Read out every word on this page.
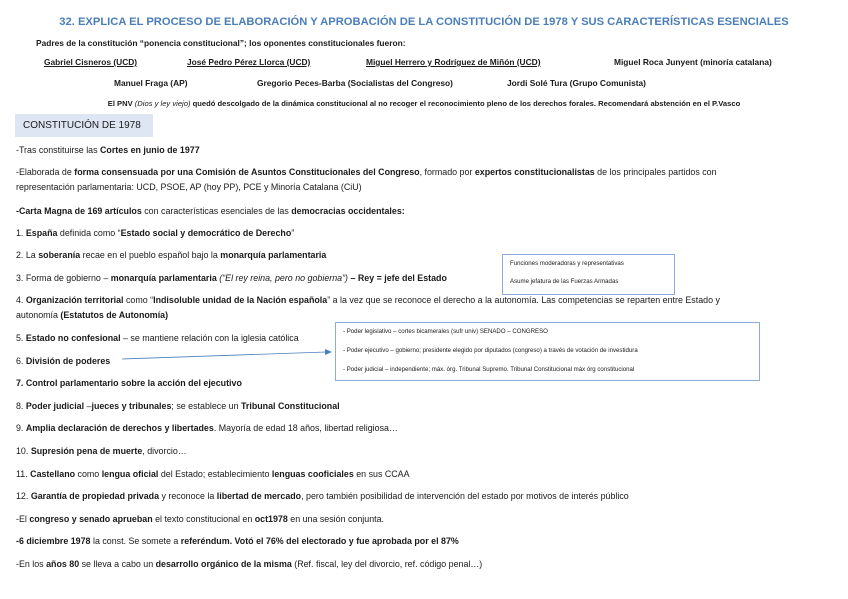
32. EXPLICA EL PROCESO DE ELABORACIÓN Y APROBACIÓN DE LA CONSTITUCIÓN DE 1978 Y SUS CARACTERÍSTICAS ESENCIALES
Padres de la constitución “ponencia constitucional”; los oponentes constitucionales fueron:
Gabriel Cisneros (UCD)	José Pedro Pérez Llorca (UCD)	Miguel Herrero y Rodríguez de Miñón (UCD)	Miguel Roca Junyent (minoría catalana)
Manuel Fraga (AP)	Gregorio Peces-Barba (Socialistas del Congreso)	Jordi Solé Tura (Grupo Comunista)
El PNV (Dios y ley viejo) quedó descolgado de la dinámica constitucional al no recoger el reconocimiento pleno de los derechos forales. Recomendará abstención en el P.Vasco
CONSTITUCIÓN DE 1978
-Tras constituirse las Cortes en junio de 1977
-Elaborada de forma consensuada por una Comisión de Asuntos Constitucionales del Congreso, formado por expertos constitucionalistas de los principales partidos con
representación parlamentaria: UCD, PSOE, AP (hoy PP), PCE y Minoría Catalana (CiU)
-Carta Magna de 169 artículos con características esenciales de las democracias occidentales:
1. España definida como “Estado social y democrático de Derecho”
2. La soberanía recae en el pueblo español bajo la monarquía parlamentaria
3. Forma de gobierno – monarquía parlamentaria (“El rey reina, pero no gobierna”) – Rey = jefe del Estado
4. Organización territorial como “Indisoluble unidad de la Nación española” a la vez que se reconoce el derecho a la autonomía. Las competencias se reparten entre Estado y
autonomía (Estatutos de Autonomía)
5. Estado no confesional – se mantiene relación con la iglesia católica
6. División de poderes
7. Control parlamentario sobre la acción del ejecutivo
8. Poder judicial –jueces y tribunales; se establece un Tribunal Constitucional
9. Amplia declaración de derechos y libertades. Mayoría de edad 18 años, libertad religiosa…
10. Supresión pena de muerte, divorcio…
11. Castellano como lengua oficial del Estado; establecimiento lenguas cooficiales en sus CCAA
12. Garantía de propiedad privada y reconoce la libertad de mercado, pero también posibilidad de intervención del estado por motivos de interés público
-El congreso y senado aprueban el texto constitucional en oct1978 en una sesión conjunta.
-6 diciembre 1978 la const. Se somete a referéndum. Votó el 76% del electorado y fue aprobada por el 87%
-En los años 80 se lleva a cabo un desarrollo orgánico de la misma (Ref. fiscal, ley del divorcio, ref. código penal…)
Funciones moderadoras y representativas
Asume jefatura de las Fuerzas Armadas
- Poder legislativo – cortes bicamerales (sufr univ) SENADO – CONGRESO
- Poder ejecutivo – gobierno; presidente elegido por diputados (congreso) a través de votación de investidura
- Poder judicial – independiente; máx. órg. Tribunal Supremo. Tribunal Constitucional máx órg constitucional
